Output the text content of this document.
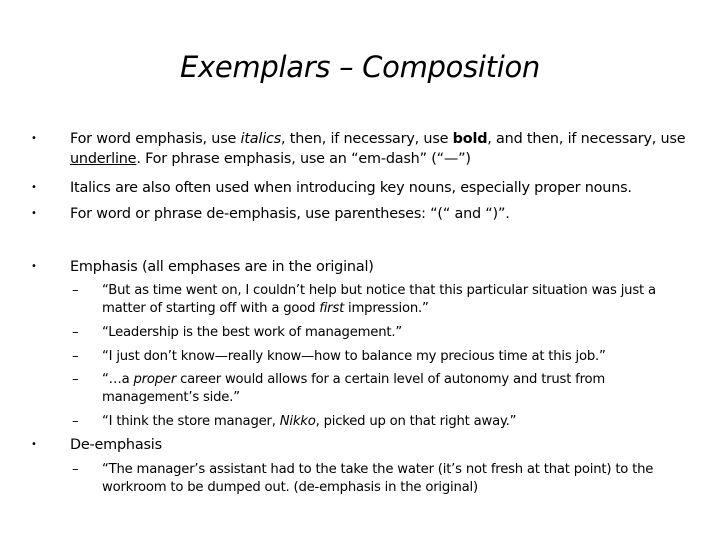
Exemplars – Composition
• For word emphasis, use italics, then, if necessary, use bold, and then, if necessary, use underline. For phrase emphasis, use an “em-dash” (“—”)
• Italics are also often used when introducing key nouns, especially proper nouns.
• For word or phrase de-emphasis, use parentheses: “(“ and “)”.
• Emphasis (all emphases are in the original)
– “But as time went on, I couldn’t help but notice that this particular situation was just a matter of starting off with a good first impression.”
– “Leadership is the best work of management.”
– “I just don’t know—really know—how to balance my precious time at this job.”
– “…a proper career would allows for a certain level of autonomy and trust from management’s side.”
– “I think the store manager, Nikko, picked up on that right away.”
• De-emphasis
– “The manager’s assistant had to the take the water (it’s not fresh at that point) to the workroom to be dumped out. (de-emphasis in the original)
